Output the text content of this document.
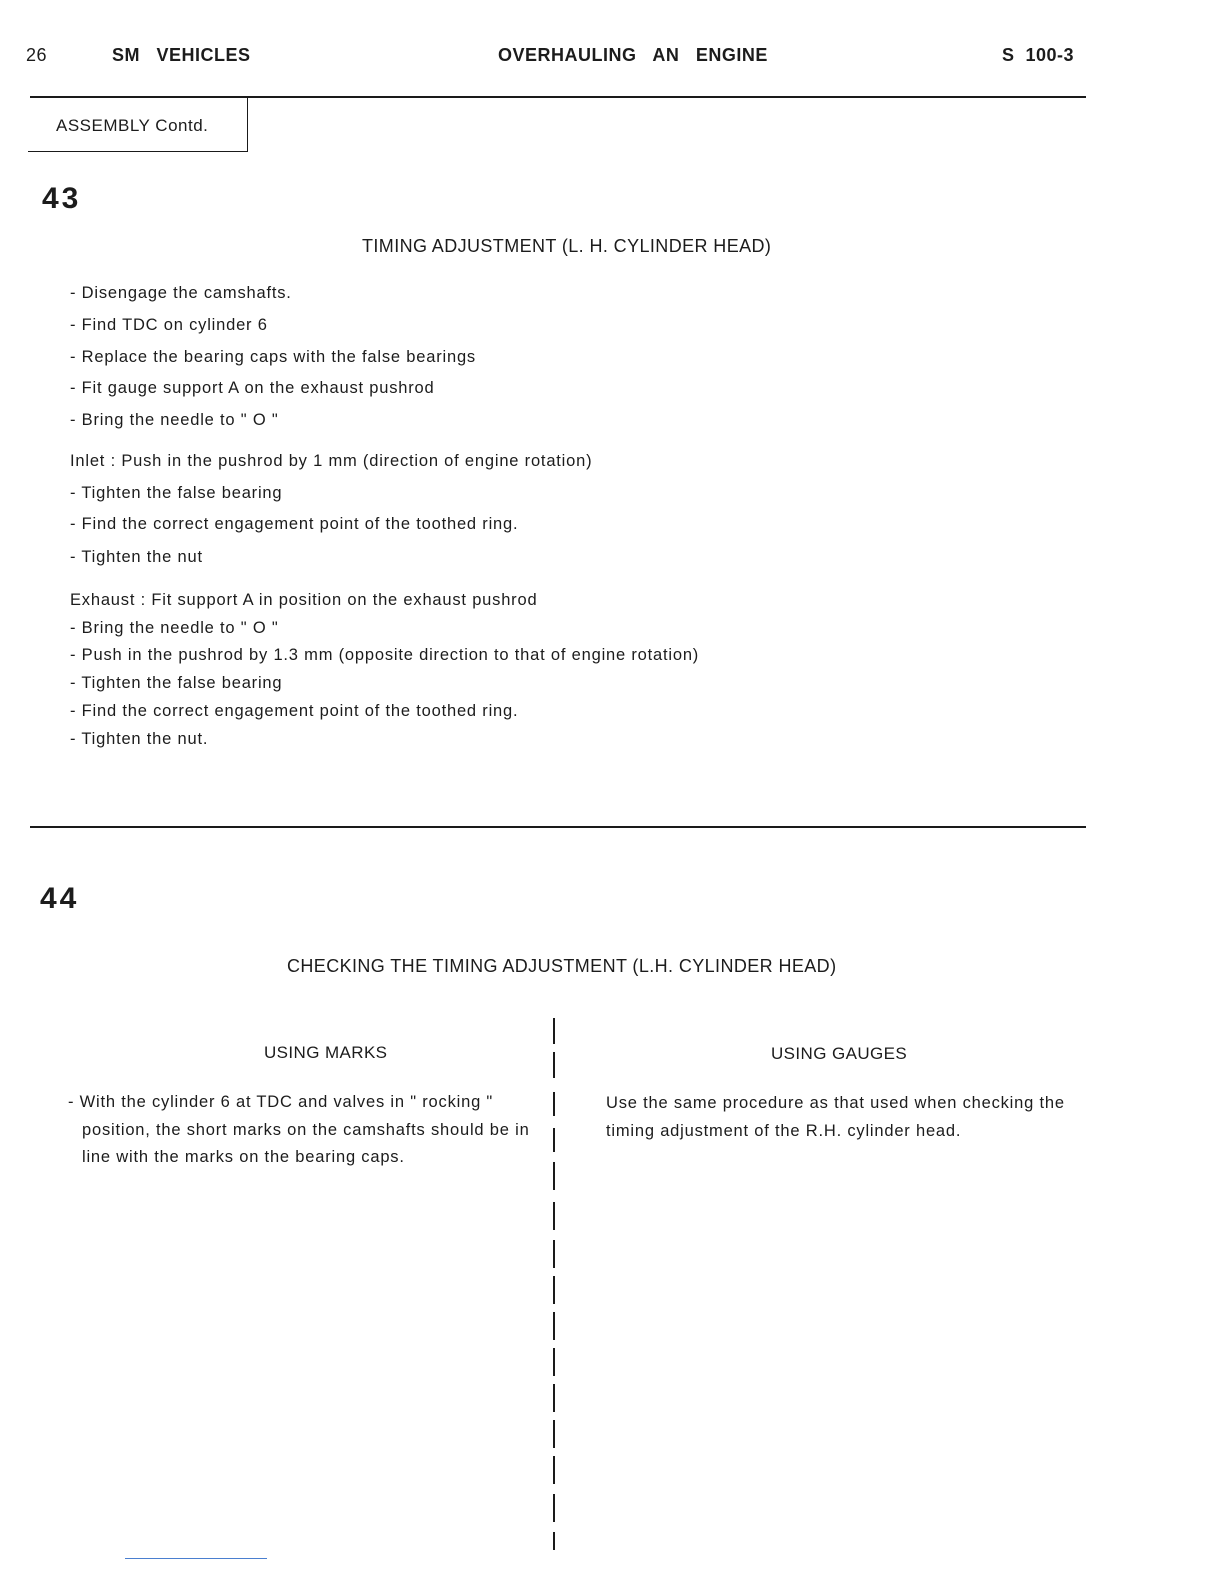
26	SM   VEHICLES	OVERHAULING   AN   ENGINE	S  100-3
ASSEMBLY Contd.
43
TIMING ADJUSTMENT (L. H. CYLINDER HEAD)
- Disengage the camshafts.
- Find TDC on cylinder 6
- Replace the bearing caps with the false bearings
- Fit gauge support A on the exhaust pushrod
- Bring the needle to " O "
Inlet : Push in the pushrod by 1 mm (direction of engine rotation)
- Tighten the false bearing
- Find the correct engagement point of the toothed ring.
- Tighten the nut
Exhaust : Fit support A in position on the exhaust pushrod
- Bring the needle to " O "
- Push in the pushrod by 1.3 mm (opposite direction to that of engine rotation)
- Tighten the false bearing
- Find the correct engagement point of the toothed ring.
- Tighten the nut.
44
CHECKING THE TIMING ADJUSTMENT (L.H. CYLINDER HEAD)
USING MARKS
- With the cylinder 6 at TDC and valves in " rocking " position, the short marks on the camshafts should be in line with the marks on the bearing caps.
USING GAUGES
Use the same procedure as that used when checking the timing adjustment of the R.H. cylinder head.
